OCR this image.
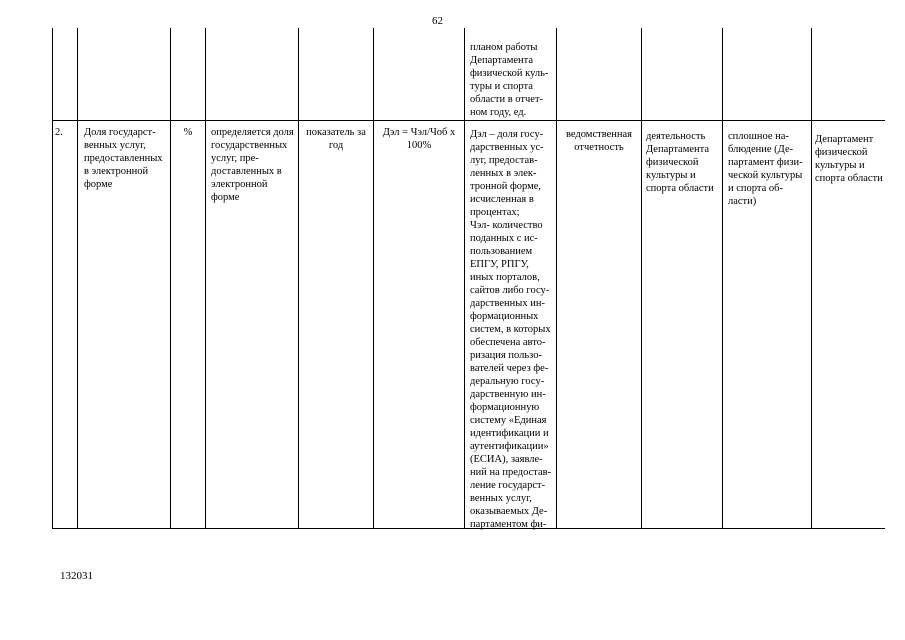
62
планом работы
Департамента
физической куль-
туры и спорта
области в отчет-
ном году, ед.
2.	Доля государст-
венных услуг,
предоставленных
в электронной
форме
%	определяется доля
государственных
услуг, пре-
доставленных в
электронной
форме
показатель за
год
Дэл = Чэл/Чоб х
100%
Дэл – доля госу-
дарственных ус-
луг, предостав-
ленных в элек-
тронной форме,
исчисленная в
процентах;
Чэл- количество
поданных с ис-
пользованием
ЕПГУ, РПГУ,
иных порталов,
сайтов либо госу-
дарственных ин-
формационных
систем, в которых
обеспечена авто-
ризация пользо-
вателей через фе-
деральную госу-
дарственную ин-
формационную
систему «Единая
идентификации и
аутентификации»
(ЕСИА), заявле-
ний на предостав-
ление государст-
венных услуг,
оказываемых Де-
партаментом фи-
ведомственная
отчетность
деятельность
Департамента
физической
культуры и
спорта области
сплошное на-
блюдение (Де-
партамент физи-
ческой культуры
и спорта об-
ласти)
Департамент
физической
культуры и
спорта области
132031
